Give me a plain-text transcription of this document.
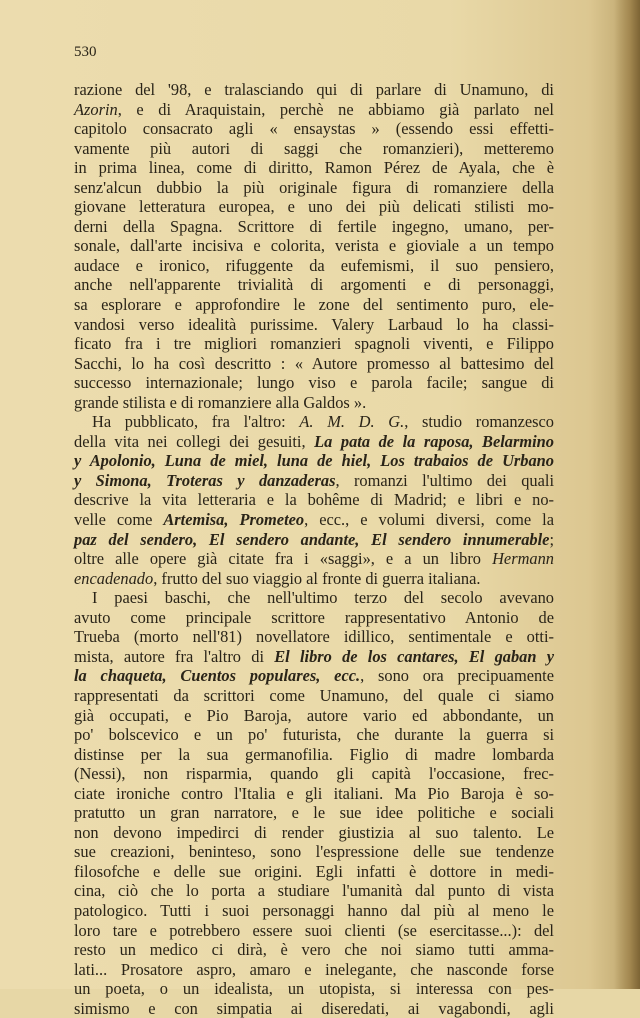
530
razione del '98, e tralasciando qui di parlare di Unamuno, di
Azorin, e di Araquistain, perchè ne abbiamo già parlato nel
capitolo consacrato agli « ensaystas » (essendo essi effetti-
vamente più autori di saggi che romanzieri), metteremo
in prima linea, come di diritto, Ramon Pérez de Ayala, che è
senz'alcun dubbio la più originale figura di romanziere della
giovane letteratura europea, e uno dei più delicati stilisti mo-
derni della Spagna. Scrittore di fertile ingegno, umano, per-
sonale, dall'arte incisiva e colorita, verista e gioviale a un tempo
audace e ironico, rifuggente da eufemismi, il suo pensiero,
anche nell'apparente trivialità di argomenti e di personaggi,
sa esplorare e approfondire le zone del sentimento puro, ele-
vandosi verso idealità purissime. Valery Larbaud lo ha classi-
ficato fra i tre migliori romanzieri spagnoli viventi, e Filippo
Sacchi, lo ha così descritto : « Autore promesso al battesimo del
successo internazionale; lungo viso e parola facile; sangue di
grande stilista e di romanziere alla Galdos ».
Ha pubblicato, fra l'altro: A. M. D. G., studio romanzesco
della vita nei collegi dei gesuiti, La pata de la raposa, Belarmino
y Apolonio, Luna de miel, luna de hiel, Los trabaios de Urbano
y Simona, Troteras y danzaderas, romanzi l'ultimo dei quali
descrive la vita letteraria e la bohême di Madrid; e libri e no-
velle come Artemisa, Prometeo, ecc., e volumi diversi, come la
paz del sendero, El sendero andante, El sendero innumerable;
oltre alle opere già citate fra i «saggi», e a un libro Hermann
encadenado, frutto del suo viaggio al fronte di guerra italiana.
I paesi baschi, che nell'ultimo terzo del secolo avevano
avuto come principale scrittore rappresentativo Antonio de
Trueba (morto nell'81) novellatore idillico, sentimentale e otti-
mista, autore fra l'altro di El libro de los cantares, El gaban y
la chaqueta, Cuentos populares, ecc., sono ora precipuamente
rappresentati da scrittori come Unamuno, del quale ci siamo
già occupati, e Pio Baroja, autore vario ed abbondante, un
po' bolscevico e un po' futurista, che durante la guerra si
distinse per la sua germanofilia. Figlio di madre lombarda
(Nessi), non risparmia, quando gli capità l'occasione, frec-
ciate ironiche contro l'Italia e gli italiani. Ma Pio Baroja è so-
pratutto un gran narratore, e le sue idee politiche e sociali
non devono impedirci di render giustizia al suo talento. Le
sue creazioni, beninteso, sono l'espressione delle sue tendenze
filosofche e delle sue origini. Egli infatti è dottore in medi-
cina, ciò che lo porta a studiare l'umanità dal punto di vista
patologico. Tutti i suoi personaggi hanno dal più al meno le
loro tare e potrebbero essere suoi clienti (se esercitasse...): del
resto un medico ci dirà, è vero che noi siamo tutti amma-
lati... Prosatore aspro, amaro e inelegante, che nasconde forse
un poeta, o un idealista, un utopista, si interessa con pes-
simismo e con simpatia ai diseredati, ai vagabondi, agli
